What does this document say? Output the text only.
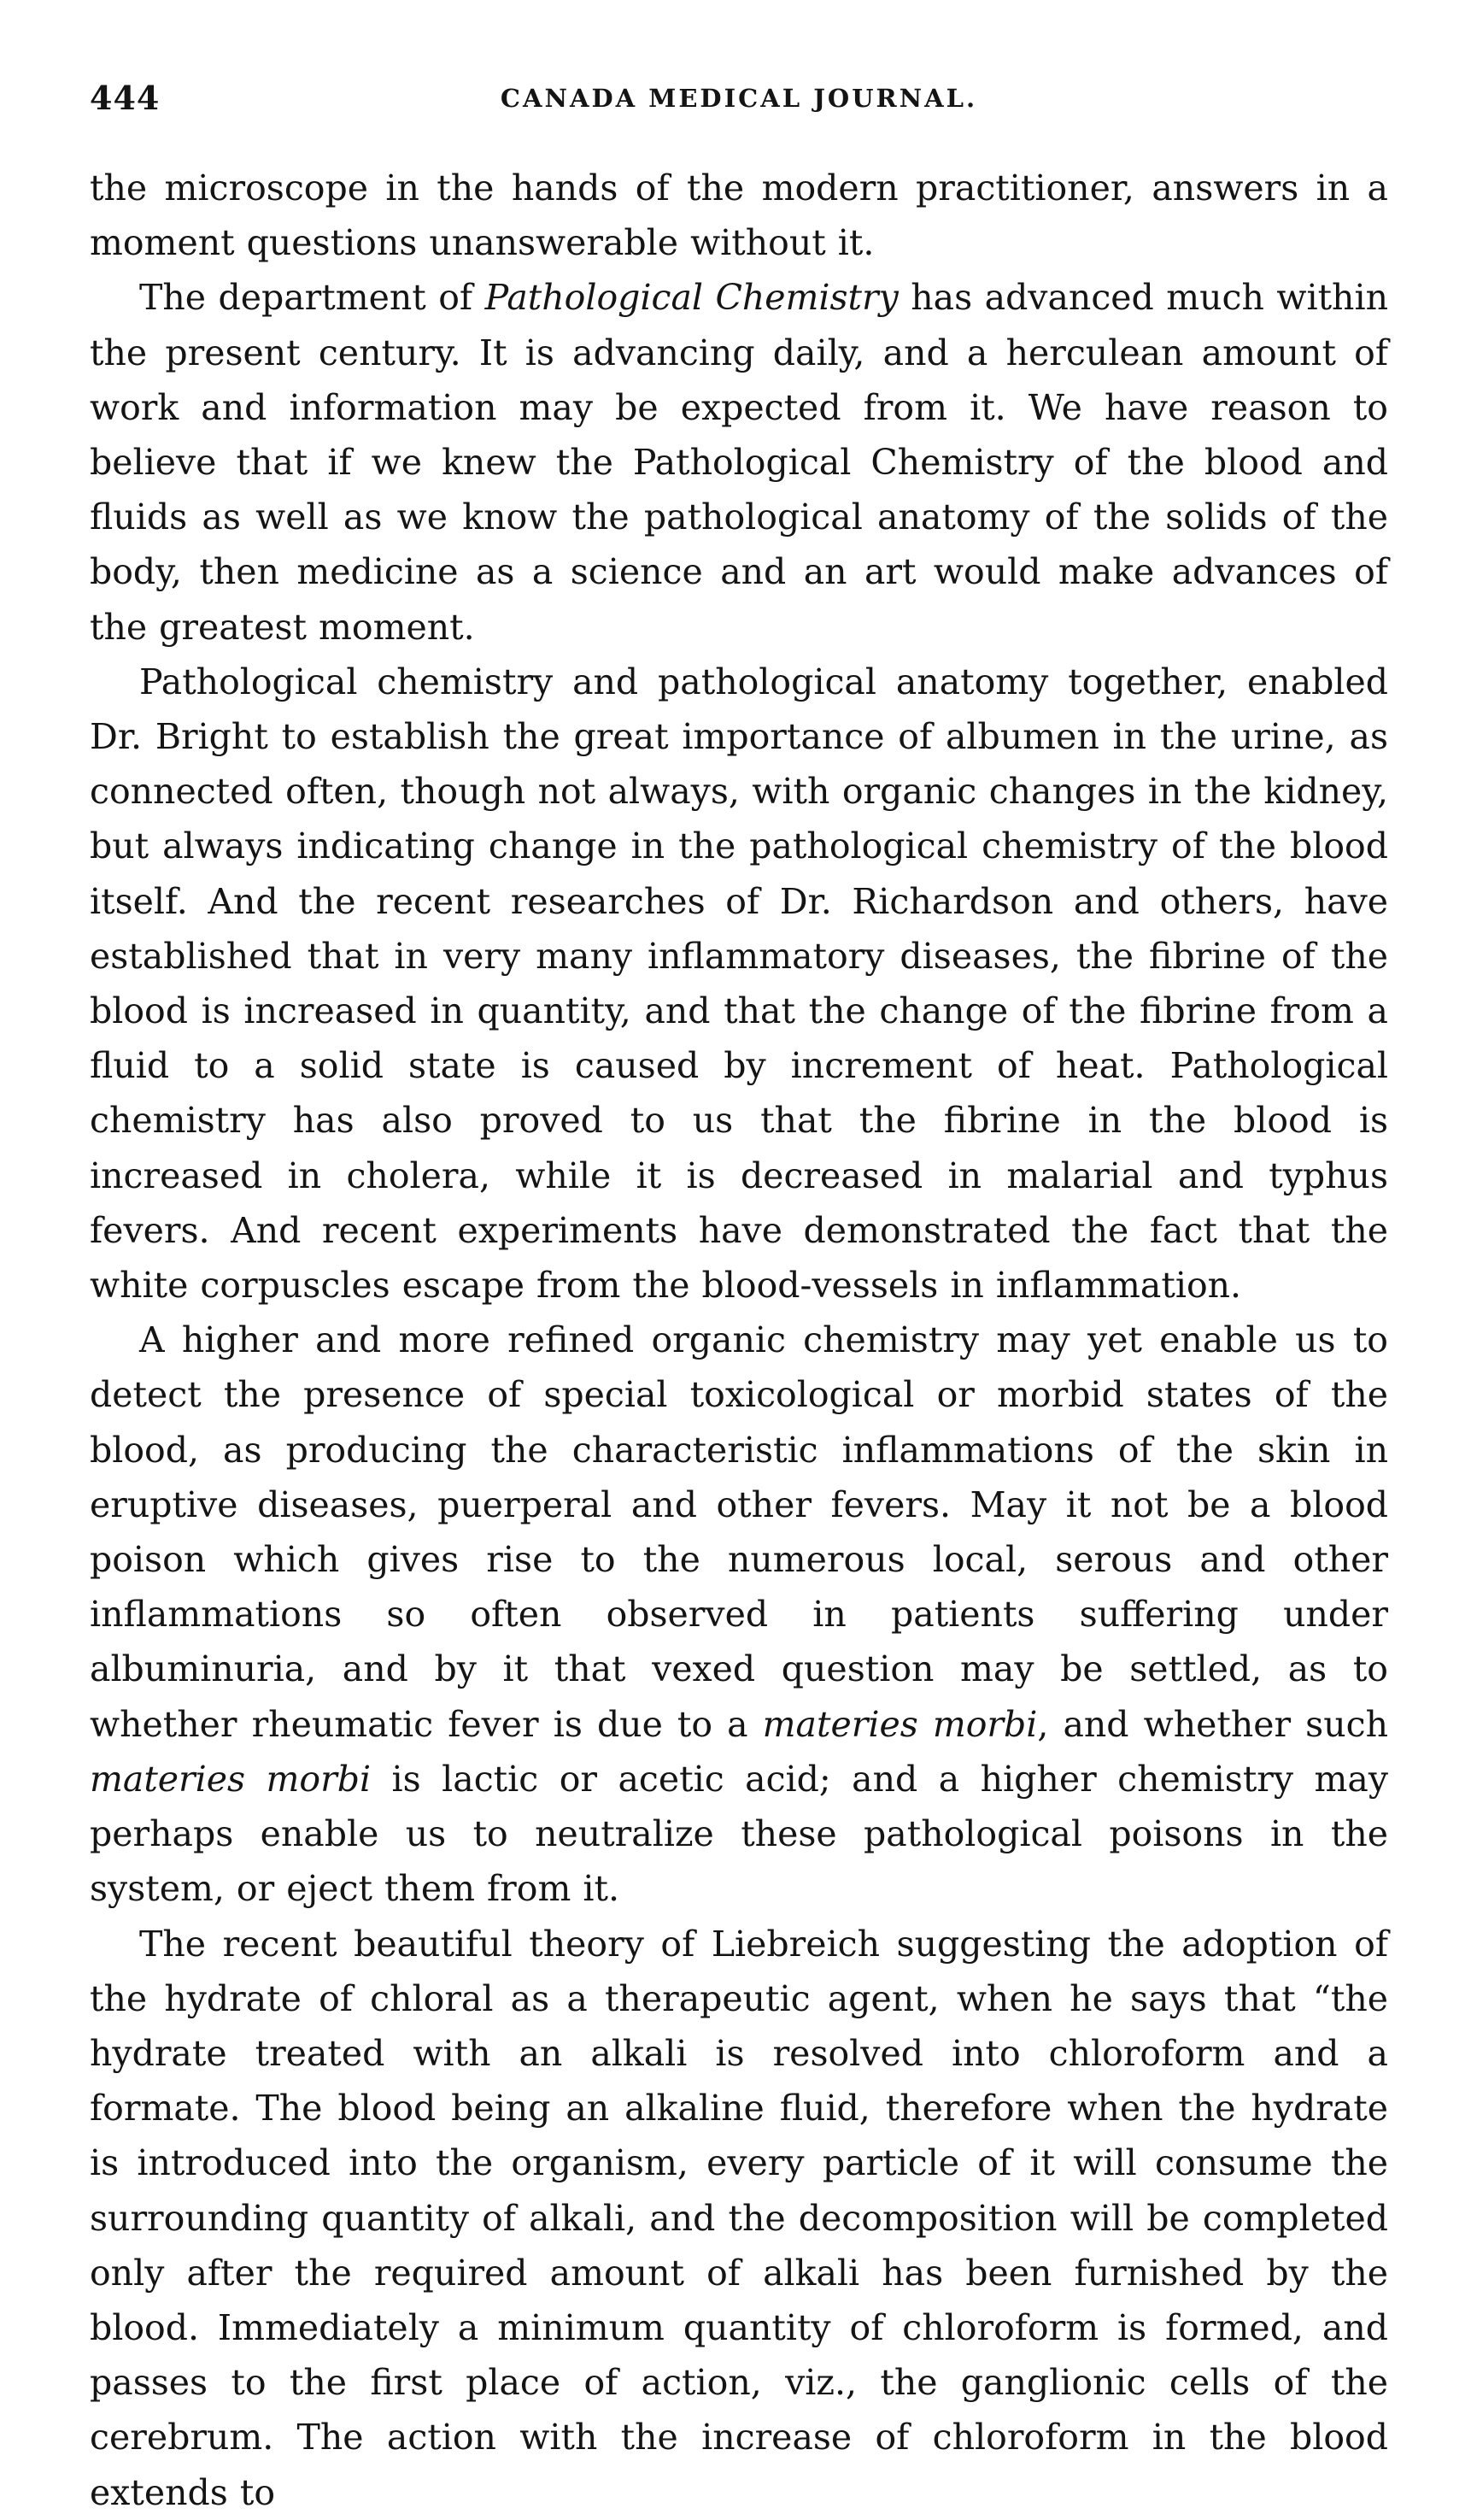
444	CANADA MEDICAL JOURNAL.

the microscope in the hands of the modern practitioner, answers in a moment questions unanswerable without it.

The department of Pathological Chemistry has advanced much within the present century. It is advancing daily, and a herculean amount of work and information may be expected from it. We have reason to believe that if we knew the Pathological Chemistry of the blood and fluids as well as we know the pathological anatomy of the solids of the body, then medicine as a science and an art would make advances of the greatest moment.

Pathological chemistry and pathological anatomy together, enabled Dr. Bright to establish the great importance of albumen in the urine, as connected often, though not always, with organic changes in the kidney, but always indicating change in the pathological chemistry of the blood itself. And the recent researches of Dr. Richardson and others, have established that in very many inflammatory diseases, the fibrine of the blood is increased in quantity, and that the change of the fibrine from a fluid to a solid state is caused by increment of heat. Pathological chemistry has also proved to us that the fibrine in the blood is increased in cholera, while it is decreased in malarial and typhus fevers. And recent experiments have demonstrated the fact that the white corpuscles escape from the blood-vessels in inflammation.

A higher and more refined organic chemistry may yet enable us to detect the presence of special toxicological or morbid states of the blood, as producing the characteristic inflammations of the skin in eruptive diseases, puerperal and other fevers. May it not be a blood poison which gives rise to the numerous local, serous and other inflammations so often observed in patients suffering under albuminuria, and by it that vexed question may be settled, as to whether rheumatic fever is due to a materies morbi, and whether such materies morbi is lactic or acetic acid; and a higher chemistry may perhaps enable us to neutralize these pathological poisons in the system, or eject them from it.

The recent beautiful theory of Liebreich suggesting the adoption of the hydrate of chloral as a therapeutic agent, when he says that “the hydrate treated with an alkali is resolved into chloroform and a formate. The blood being an alkaline fluid, therefore when the hydrate is introduced into the organism, every particle of it will consume the surrounding quantity of alkali, and the decomposition will be completed only after the required amount of alkali has been furnished by the blood. Immediately a minimum quantity of chloroform is formed, and passes to the first place of action, viz., the ganglionic cells of the cerebrum. The action with the increase of chloroform in the blood extends to
